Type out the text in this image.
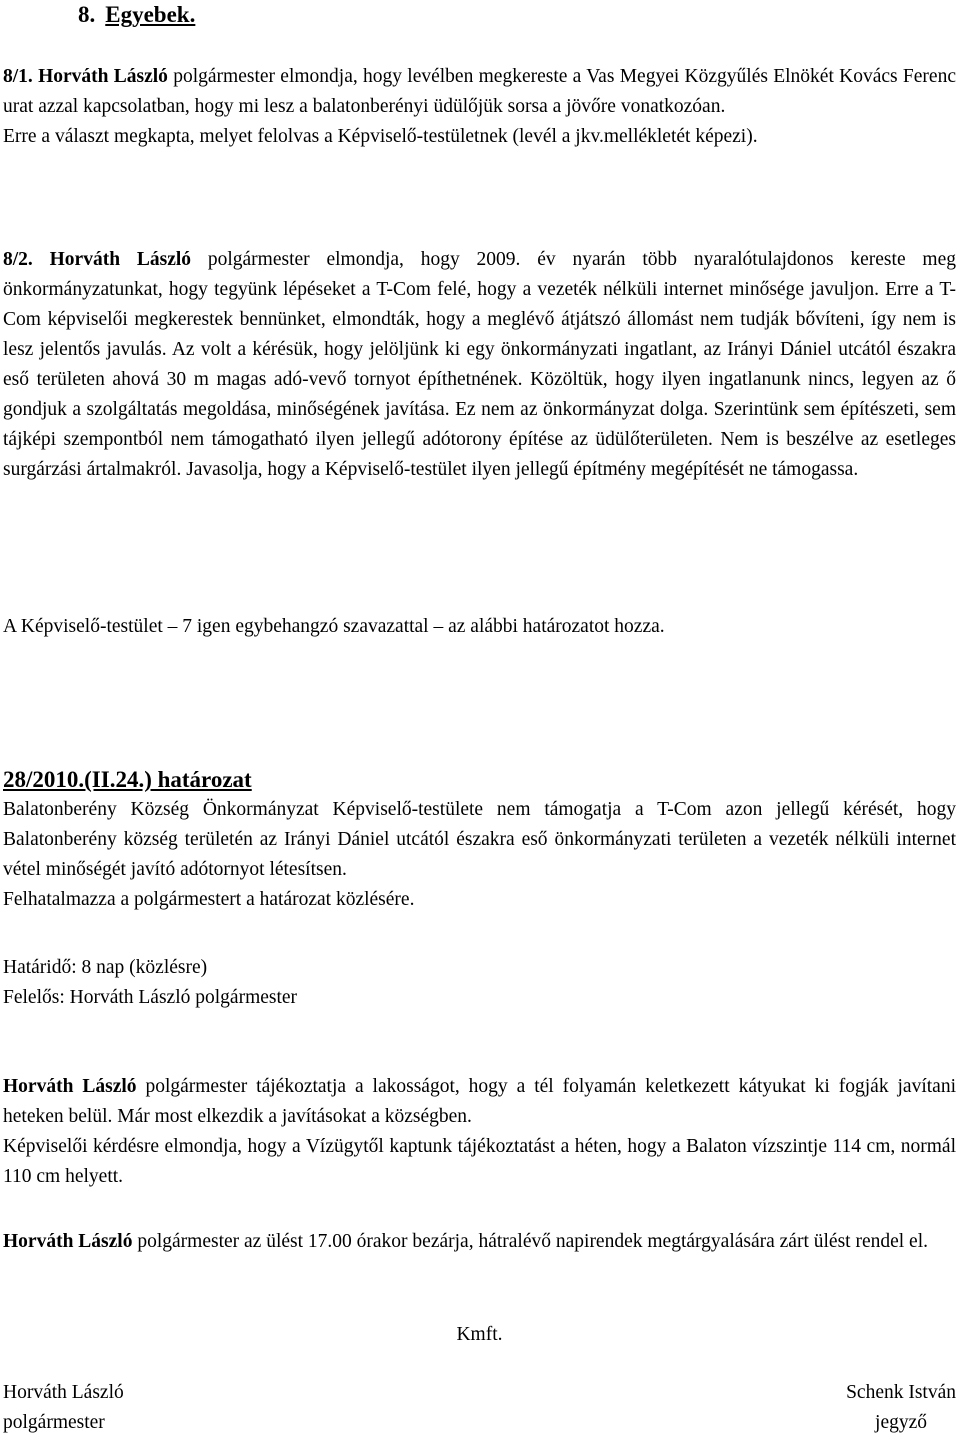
8. Egyebek.

8/1. Horváth László polgármester elmondja, hogy levélben megkereste a Vas Megyei Közgyűlés Elnökét Kovács Ferenc urat azzal kapcsolatban, hogy mi lesz a balatonberényi üdülőjük sorsa a jövőre vonatkozóan.

Erre a választ megkapta, melyet felolvas a Képviselő-testületnek (levél a jkv.mellékletét képezi).

8/2. Horváth László polgármester elmondja, hogy 2009. év nyarán több nyaralótulajdonos kereste meg önkormányzatunkat, hogy tegyünk lépéseket a T-Com felé, hogy a vezeték nélküli internet minősége javuljon. Erre a T-Com képviselői megkerestek bennünket, elmondták, hogy a meglévő átjátszó állomást nem tudják bővíteni, így nem is lesz jelentős javulás. Az volt a kérésük, hogy jelöljünk ki egy önkormányzati ingatlant, az Irányi Dániel utcától északra eső területen ahová 30 m magas adó-vevő tornyot építhetnének. Közöltük, hogy ilyen ingatlanunk nincs, legyen az ő gondjuk a szolgáltatás megoldása, minőségének javítása. Ez nem az önkormányzat dolga. Szerintünk sem építészeti, sem tájképi szempontból nem támogatható ilyen jellegű adótorony építése az üdülőterületen. Nem is beszélve az esetleges surgárzási ártalmakról. Javasolja, hogy a Képviselő-testület ilyen jellegű építmény megépítését ne támogassa.

A Képviselő-testület – 7 igen egybehangzó szavazattal – az alábbi határozatot hozza.

28/2010.(II.24.) határozat

Balatonberény Község Önkormányzat Képviselő-testülete nem támogatja a T-Com azon jellegű kérését, hogy Balatonberény község területén az Irányi Dániel utcától északra eső önkormányzati területen a vezeték nélküli internet vétel minőségét javító adótornyot létesítsen.

Felhatalmazza a polgármestert a határozat közlésére.

Határidő: 8 nap (közlésre)
Felelős: Horváth László polgármester

Horváth László polgármester tájékoztatja a lakosságot, hogy a tél folyamán keletkezett kátyukat ki fogják javítani heteken belül. Már most elkezdik a javításokat a községben.

Képviselői kérdésre elmondja, hogy a Vízügytől kaptunk tájékoztatást a héten, hogy a Balaton vízszintje 114 cm, normál 110 cm helyett.

Horváth László polgármester az ülést 17.00 órakor bezárja, hátralévő napirendek megtárgyalására zárt ülést rendel el.

Kmft.
Horváth László
polgármester
Schenk István
jegyző
